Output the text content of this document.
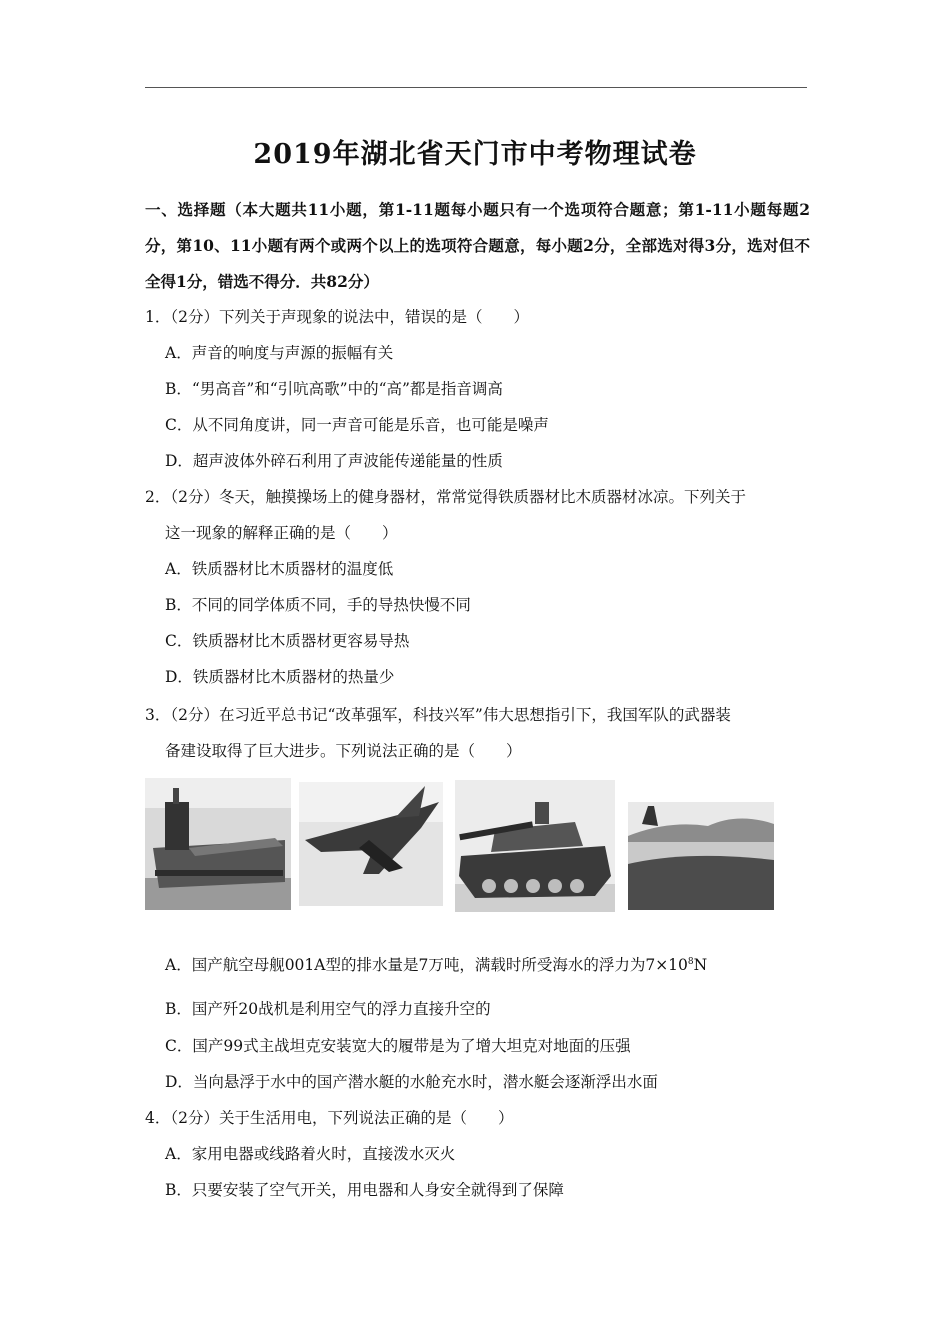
2019年湖北省天门市中考物理试卷
一、选择题（本大题共11小题，第1-11题每小题只有一个选项符合题意；第1-11小题每题2分，第10、11小题有两个或两个以上的选项符合题意，每小题2分，全部选对得3分，选对但不全得1分，错选不得分．共82分）
1．（2分）下列关于声现象的说法中，错误的是（　　）
A．声音的响度与声源的振幅有关
B．“男高音”和“引吭高歌”中的“高”都是指音调高
C．从不同角度讲，同一声音可能是乐音，也可能是噪声
D．超声波体外碎石利用了声波能传递能量的性质
2．（2分）冬天，触摸操场上的健身器材，常常觉得铁质器材比木质器材冰凉。下列关于
这一现象的解释正确的是（　　）
A．铁质器材比木质器材的温度低
B．不同的同学体质不同，手的导热快慢不同
C．铁质器材比木质器材更容易导热
D．铁质器材比木质器材的热量少
3．（2分）在习近平总书记“改革强军，科技兴军”伟大思想指引下，我国军队的武器装
备建设取得了巨大进步。下列说法正确的是（　　）
A．国产航空母舰001A型的排水量是7万吨，满载时所受海水的浮力为$7\times 10^8N$
B．国产歼20战机是利用空气的浮力直接升空的
C．国产99式主战坦克安装宽大的履带是为了增大坦克对地面的压强
D．当向悬浮于水中的国产潜水艇的水舱充水时，潜水艇会逐渐浮出水面
4．（2分）关于生活用电，下列说法正确的是（　　）
A．家用电器或线路着火时，直接泼水灭火
B．只要安装了空气开关，用电器和人身安全就得到了保障
